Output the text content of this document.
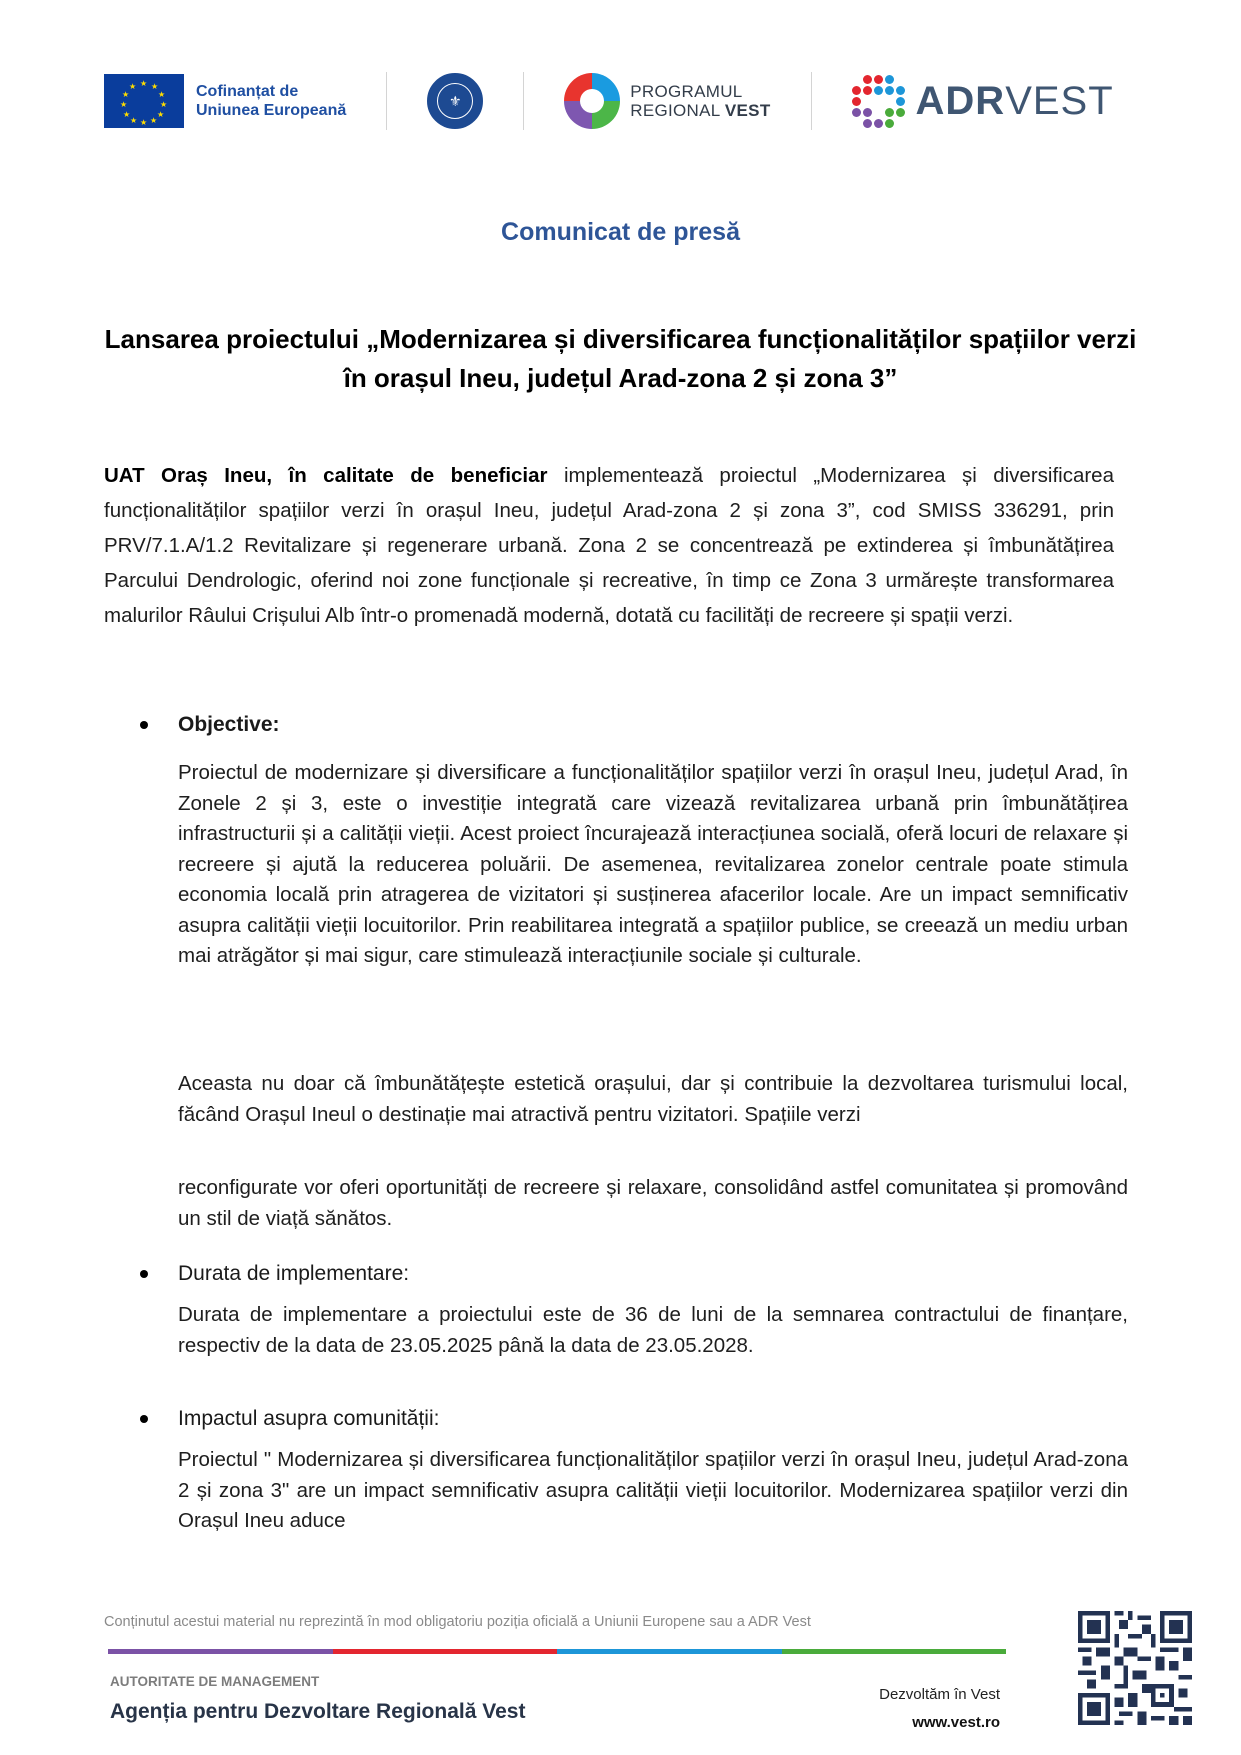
★ ★
★
★
★
★
★
★
★
★
★
★	Cofinanțat de
Uniunea Europeană
⚜	PROGRAMUL
REGIONAL VEST	ADRVEST
Comunicat de presă
Lansarea proiectului „Modernizarea și diversificarea funcționalităților spațiilor verzi în orașul Ineu, județul Arad-zona 2 și zona 3”
UAT Oraș Ineu, în calitate de beneficiar implementează proiectul „Modernizarea și diversificarea funcționalităților spațiilor verzi în orașul Ineu, județul Arad-zona 2 și zona 3”, cod SMISS 336291, prin PRV/7.1.A/1.2 Revitalizare și regenerare urbană. Zona 2 se concentrează pe extinderea și îmbunătățirea Parcului Dendrologic, oferind noi zone funcționale și recreative, în timp ce Zona 3 urmărește transformarea malurilor Râului Crișului Alb într-o promenadă modernă, dotată cu facilități de recreere și spații verzi.
Objective:
Proiectul de modernizare și diversificare a funcționalităților spațiilor verzi în orașul Ineu, județul Arad, în Zonele 2 și 3, este o investiție integrată care vizează revitalizarea urbană prin îmbunătățirea infrastructurii și a calității vieții. Acest proiect încurajează interacțiunea socială, oferă locuri de relaxare și recreere și ajută la reducerea poluării. De asemenea, revitalizarea zonelor centrale poate stimula economia locală prin atragerea de vizitatori și susținerea afacerilor locale. Are un impact semnificativ asupra calității vieții locuitorilor. Prin reabilitarea integrată a spațiilor publice, se creează un mediu urban mai atrăgător și mai sigur, care stimulează interacțiunile sociale și culturale.
Aceasta nu doar că îmbunătățește estetică orașului, dar și contribuie la dezvoltarea turismului local, făcând Orașul Ineul o destinație mai atractivă pentru vizitatori. Spațiile verzi
reconfigurate vor oferi oportunități de recreere și relaxare, consolidând astfel comunitatea și promovând un stil de viață sănătos.
Durata de implementare:
Durata de implementare a proiectului este de 36 de luni de la semnarea contractului de finanțare, respectiv de la data de 23.05.2025 până la data de 23.05.2028.
Impactul asupra comunității:
Proiectul " Modernizarea și diversificarea funcționalităților spațiilor verzi în orașul Ineu, județul Arad-zona 2 și zona 3" are un impact semnificativ asupra calității vieții locuitorilor. Modernizarea spațiilor verzi din Orașul Ineu aduce
Conținutul acestui material nu reprezintă în mod obligatoriu poziția oficială a Uniunii Europene sau a ADR Vest
AUTORITATE DE MANAGEMENT
Agenția pentru Dezvoltare Regională Vest
Dezvoltăm în Vest
www.vest.ro
